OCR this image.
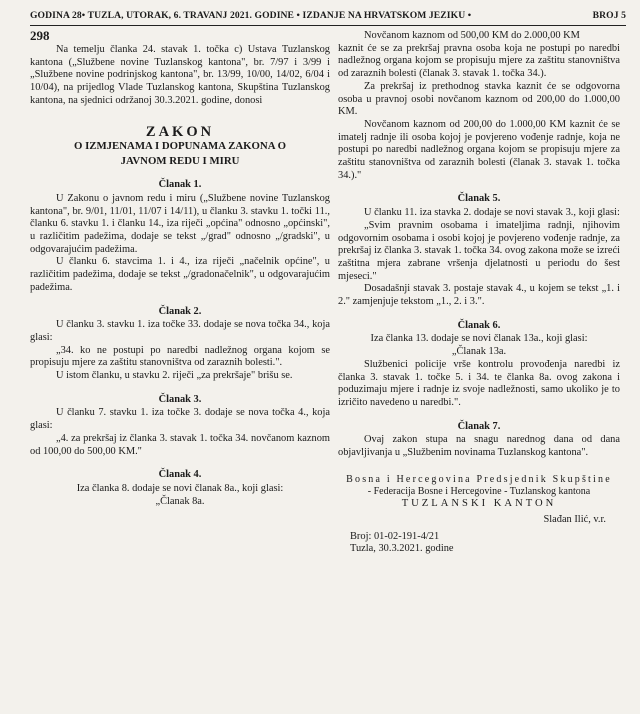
GODINA 28• TUZLA, UTORAK, 6. TRAVANJ 2021. GODINE • IZDANJE NA HRVATSKOM JEZIKU •	BROJ 5
298

Na temelju članka 24. stavak 1. točka c) Ustava Tuzlanskog kantona („Službene novine Tuzlanskog kantona", br. 7/97 i 3/99 i „Službene novine podrinjskog kantona", br. 13/99, 10/00, 14/02, 6/04 i 10/04), na prijedlog Vlade Tuzlanskog kantona, Skupština Tuzlanskog kantona, na sjednici održanoj 30.3.2021. godine, donosi

ZAKON
O IZMJENAMA I DOPUNAMA ZAKONA O
JAVNOM REDU I MIRU
Članak 1.

U Zakonu o javnom redu i miru („Službene novine Tuzlanskog kantona", br. 9/01, 11/01, 11/07 i 14/11), u članku 3. stavku 1. točki 11., članku 6. stavku 1. i članku 14., iza riječi „općina" odnosno „općinski", u različitim padežima, dodaje se tekst „/grad" odnosno „/gradski", u odgovarajućim padežima.

U članku 6. stavcima 1. i 4., iza riječi „načelnik općine", u različitim padežima, dodaje se tekst „/gradonačelnik", u odgovarajućim padežima.

Članak 2.

U članku 3. stavku 1. iza točke 33. dodaje se nova točka 34., koja glasi:

„34. ko ne postupi po naredbi nadležnog organa kojom se propisuju mjere za zaštitu stanovništva od zaraznih bolesti.".

U istom članku, u stavku 2. riječi „za prekršaje" brišu se.

Članak 3.

U članku 7. stavku 1. iza točke 3. dodaje se nova točka 4., koja glasi:

„4. za prekršaj iz članka 3. stavak 1. točka 34. novčanom kaznom od 100,00 do 500,00 KM."

Članak 4.

Iza članka 8. dodaje se novi članak 8a., koji glasi:

„Članak 8a.

Novčanom kaznom od 500,00 KM do 2.000,00 KM

kaznit će se za prekršaj pravna osoba koja ne postupi po naredbi nadležnog organa kojom se propisuju mjere za zaštitu stanovništva od zaraznih bolesti (članak 3. stavak 1. točka 34.).

Za prekršaj iz prethodnog stavka kaznit će se odgovorna osoba u pravnoj osobi novčanom kaznom od 200,00 do 1.000,00 KM.

Novčanom kaznom od 200,00 do 1.000,00 KM kaznit će se imatelj radnje ili osoba kojoj je povjereno vođenje radnje, koja ne postupi po naredbi nadležnog organa kojom se propisuju mjere za zaštitu stanovništva od zaraznih bolesti (članak 3. stavak 1. točka 34.)."

Članak 5.

U članku 11. iza stavka 2. dodaje se novi stavak 3., koji glasi:

„Svim pravnim osobama i imateljima radnji, njihovim odgovornim osobama i osobi kojoj je povjereno vođenje radnje, za prekršaj iz članka 3. stavak 1. točka 34. ovog zakona može se izreći zaštitna mjera zabrane vršenja djelatnosti u periodu do šest mjeseci."

Dosadašnji stavak 3. postaje stavak 4., u kojem se tekst „1. i 2." zamjenjuje tekstom „1., 2. i 3.".

Članak 6.

Iza članka 13. dodaje se novi članak 13a., koji glasi:

„Članak 13a.

Službenici policije vrše kontrolu provođenja naredbi iz članka 3. stavak 1. točke 5. i 34. te članka 8a. ovog zakona i poduzimaju mjere i radnje iz svoje nadležnosti, samo ukoliko je to izričito navedeno u naredbi.".

Članak 7.

Ovaj zakon stupa na snagu narednog dana od dana objavljivanja u „Službenim novinama Tuzlanskog kantona".

Bosna i Hercegovina Predsjednik Skupštine
- Federacija Bosne i Hercegovine - Tuzlanskog kantona
TUZLANSKI KANTON
Slađan Ilić, v.r.
Broj: 01-02-191-4/21
Tuzla, 30.3.2021. godine
